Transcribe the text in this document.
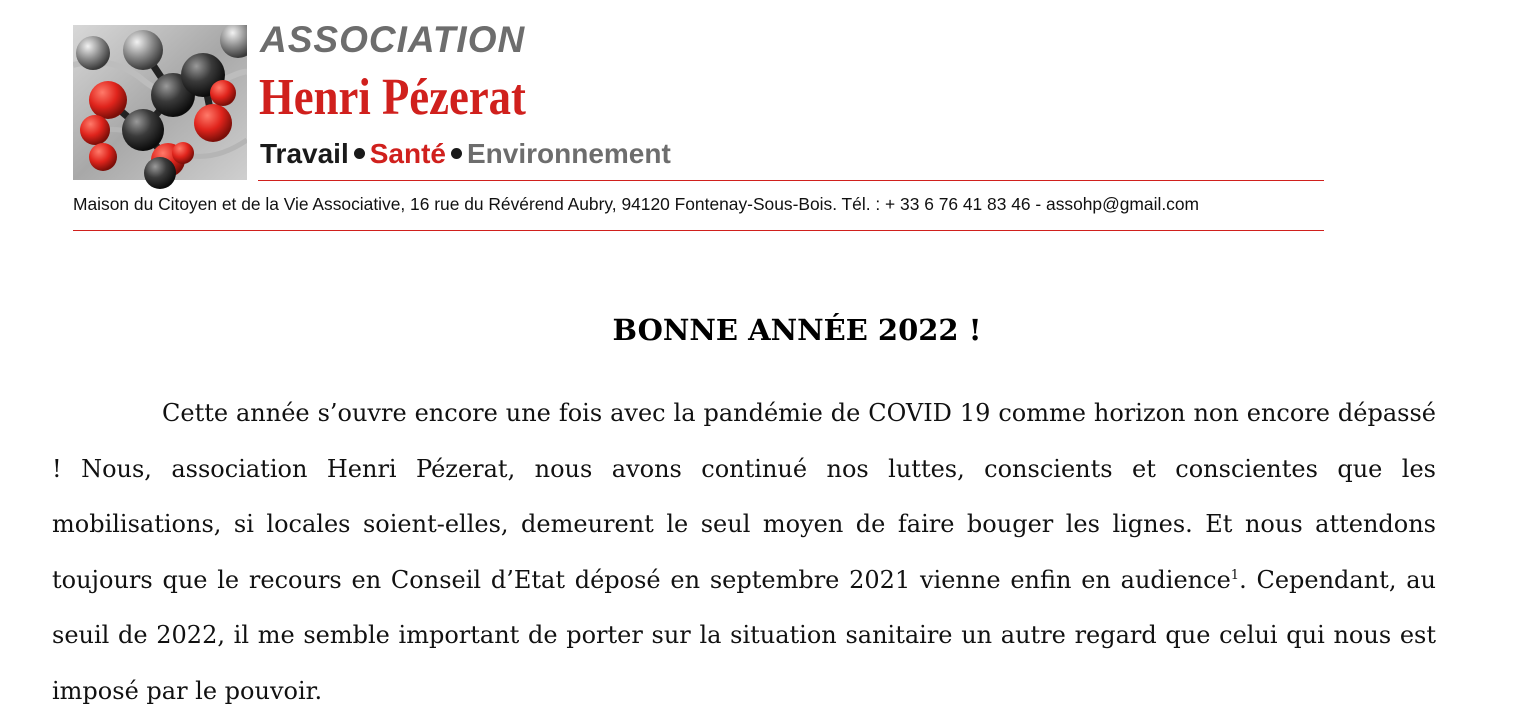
ASSOCIATION
Henri Pézerat
Travail Santé Environnement

Maison du Citoyen et de la Vie Associative, 16 rue du Révérend Aubry, 94120 Fontenay-Sous-Bois. Tél. : + 33 6 76 41 83 46 - assohp@gmail.com

BONNE ANNÉE 2022 !

Cette année s’ouvre encore une fois avec la pandémie de COVID 19 comme horizon non encore dépassé ! Nous, association Henri Pézerat, nous avons continué nos luttes, conscients et conscientes que les mobilisations, si locales soient-elles, demeurent le seul moyen de faire bouger les lignes. Et nous attendons toujours que le recours en Conseil d’Etat déposé en septembre 2021 vienne enfin en audience$^1$. Cependant, au seuil de 2022, il me semble important de porter sur la situation sanitaire un autre regard que celui qui nous est imposé par le pouvoir.
